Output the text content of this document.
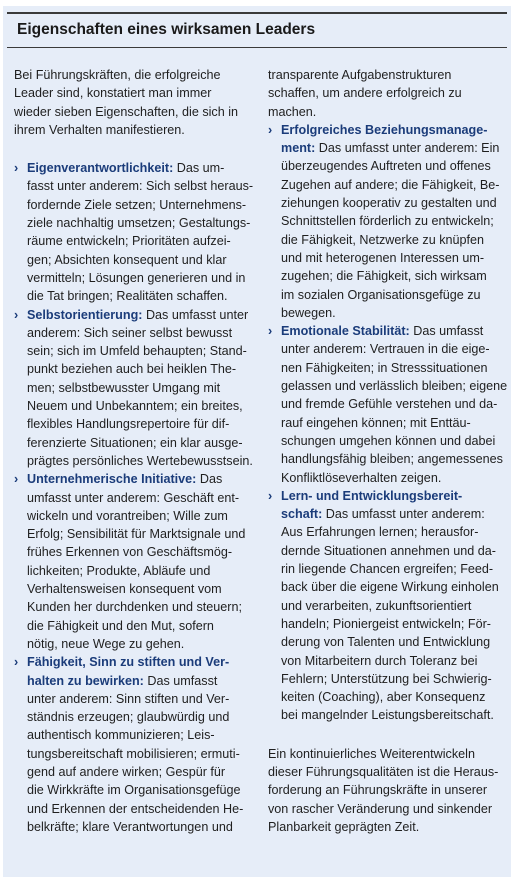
Eigenschaften eines wirksamen Leaders

Bei Führungskräften, die erfolgreiche
Leader sind, konstatiert man immer
wieder sieben Eigenschaften, die sich in
ihrem Verhalten manifestieren.

› Eigenverantwortlichkeit: Das um-
fasst unter anderem: Sich selbst heraus-
fordernde Ziele setzen; Unternehmens-
ziele nachhaltig umsetzen; Gestaltungs-
räume entwickeln; Prioritäten aufzei-
gen; Absichten konsequent und klar
vermitteln; Lösungen generieren und in
die Tat bringen; Realitäten schaffen.

› Selbstorientierung: Das umfasst unter
anderem: Sich seiner selbst bewusst
sein; sich im Umfeld behaupten; Stand-
punkt beziehen auch bei heiklen The-
men; selbstbewusster Umgang mit
Neuem und Unbekanntem; ein breites,
flexibles Handlungsrepertoire für dif-
ferenzierte Situationen; ein klar ausge-
prägtes persönliches Wertebewusstsein.

› Unternehmerische Initiative: Das
umfasst unter anderem: Geschäft ent-
wickeln und vorantreiben; Wille zum
Erfolg; Sensibilität für Marktsignale und
frühes Erkennen von Geschäftsmög-
lichkeiten; Produkte, Abläufe und
Verhaltensweisen konsequent vom
Kunden her durchdenken und steuern;
die Fähigkeit und den Mut, sofern
nötig, neue Wege zu gehen.

› Fähigkeit, Sinn zu stiften und Ver-
halten zu bewirken: Das umfasst
unter anderem: Sinn stiften und Ver-
ständnis erzeugen; glaubwürdig und
authentisch kommunizieren; Leis-
tungsbereitschaft mobilisieren; ermuti-
gend auf andere wirken; Gespür für
die Wirkkräfte im Organisationsgefüge
und Erkennen der entscheidenden He-
belkräfte; klare Verantwortungen und

transparente Aufgabenstrukturen
schaffen, um andere erfolgreich zu
machen.

› Erfolgreiches Beziehungsmanage-
ment: Das umfasst unter anderem: Ein
überzeugendes Auftreten und offenes
Zugehen auf andere; die Fähigkeit, Be-
ziehungen kooperativ zu gestalten und
Schnittstellen förderlich zu entwickeln;
die Fähigkeit, Netzwerke zu knüpfen
und mit heterogenen Interessen um-
zugehen; die Fähigkeit, sich wirksam
im sozialen Organisationsgefüge zu
bewegen.

› Emotionale Stabilität: Das umfasst
unter anderem: Vertrauen in die eige-
nen Fähigkeiten; in Stresssituationen
gelassen und verlässlich bleiben; eigene
und fremde Gefühle verstehen und da-
rauf eingehen können; mit Enttäu-
schungen umgehen können und dabei
handlungsfähig bleiben; angemessenes
Konfliktlöseverhalten zeigen.

› Lern- und Entwicklungsbereit-
schaft: Das umfasst unter anderem:
Aus Erfahrungen lernen; herausfor-
dernde Situationen annehmen und da-
rin liegende Chancen ergreifen; Feed-
back über die eigene Wirkung einholen
und verarbeiten, zukunftsorientiert
handeln; Pioniergeist entwickeln; För-
derung von Talenten und Entwicklung
von Mitarbeitern durch Toleranz bei
Fehlern; Unterstützung bei Schwierig-
keiten (Coaching), aber Konsequenz
bei mangelnder Leistungsbereitschaft.

Ein kontinuierliches Weiterentwickeln
dieser Führungsqualitäten ist die Heraus-
forderung an Führungskräfte in unserer
von rascher Veränderung und sinkender
Planbarkeit geprägten Zeit.
